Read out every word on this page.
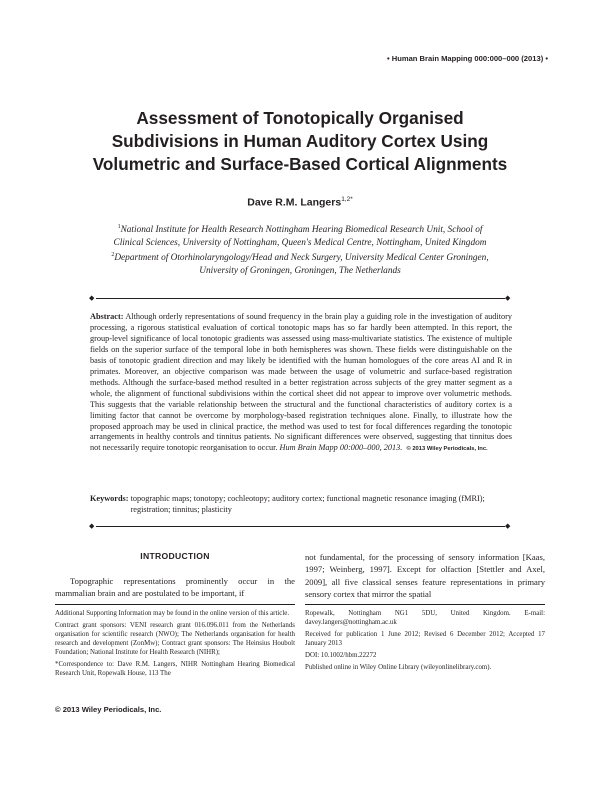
• Human Brain Mapping 000:000–000 (2013) •
Assessment of Tonotopically Organised
Subdivisions in Human Auditory Cortex Using
Volumetric and Surface-Based Cortical Alignments
Dave R.M. Langers$^{1,2*}$
$^1$National Institute for Health Research Nottingham Hearing Biomedical Research Unit, School of
Clinical Sciences, University of Nottingham, Queen's Medical Centre, Nottingham, United Kingdom
$^2$Department of Otorhinolaryngology/Head and Neck Surgery, University Medical Center Groningen,
University of Groningen, Groningen, The Netherlands
◆	◆
Abstract: Although orderly representations of sound frequency in the brain play a guiding role in the investigation of auditory processing, a rigorous statistical evaluation of cortical tonotopic maps has so far hardly been attempted. In this report, the group-level significance of local tonotopic gradients was assessed using mass-multivariate statistics. The existence of multiple fields on the superior surface of the temporal lobe in both hemispheres was shown. These fields were distinguishable on the basis of tonotopic gradient direction and may likely be identified with the human homologues of the core areas AI and R in primates. Moreover, an objective comparison was made between the usage of volumetric and surface-based registration methods. Although the surface-based method resulted in a better registration across subjects of the grey matter segment as a whole, the alignment of functional subdivisions within the cortical sheet did not appear to improve over volumetric methods. This suggests that the variable relationship between the structural and the functional characteristics of auditory cortex is a limiting factor that cannot be overcome by morphology-based registration techniques alone. Finally, to illustrate how the proposed approach may be used in clinical practice, the method was used to test for focal differences regarding the tonotopic arrangements in healthy controls and tinnitus patients. No significant differences were observed, suggesting that tinnitus does not necessarily require tonotopic reorganisation to occur. Hum Brain Mapp 00:000–000, 2013. © 2013 Wiley Periodicals, Inc.
Keywords: topographic maps; tonotopy; cochleotopy; auditory cortex; functional magnetic resonance imaging (fMRI); registration; tinnitus; plasticity
◆	◆
INTRODUCTION
Topographic representations prominently occur in the mammalian brain and are postulated to be important, if
not fundamental, for the processing of sensory information [Kaas, 1997; Weinberg, 1997]. Except for olfaction [Stettler and Axel, 2009], all five classical senses feature representations in primary sensory cortex that mirror the spatial

Additional Supporting Information may be found in the online version of this article.

Contract grant sponsors: VENI research grant 016.096.011 from the Netherlands organisation for scientific research (NWO); The Netherlands organisation for health research and development (ZonMw); Contract grant sponsors: The Heinsius Houbolt Foundation; National Institute for Health Research (NIHR);

*Correspondence to: Dave R.M. Langers, NIHR Nottingham Hearing Biomedical Research Unit, Ropewalk House, 113 The

Ropewalk, Nottingham NG1 5DU, United Kingdom. E-mail: davey.langers@nottingham.ac.uk

Received for publication 1 June 2012; Revised 6 December 2012; Accepted 17 January 2013

DOI: 10.1002/hbm.22272

Published online in Wiley Online Library (wileyonlinelibrary.com).

© 2013 Wiley Periodicals, Inc.
